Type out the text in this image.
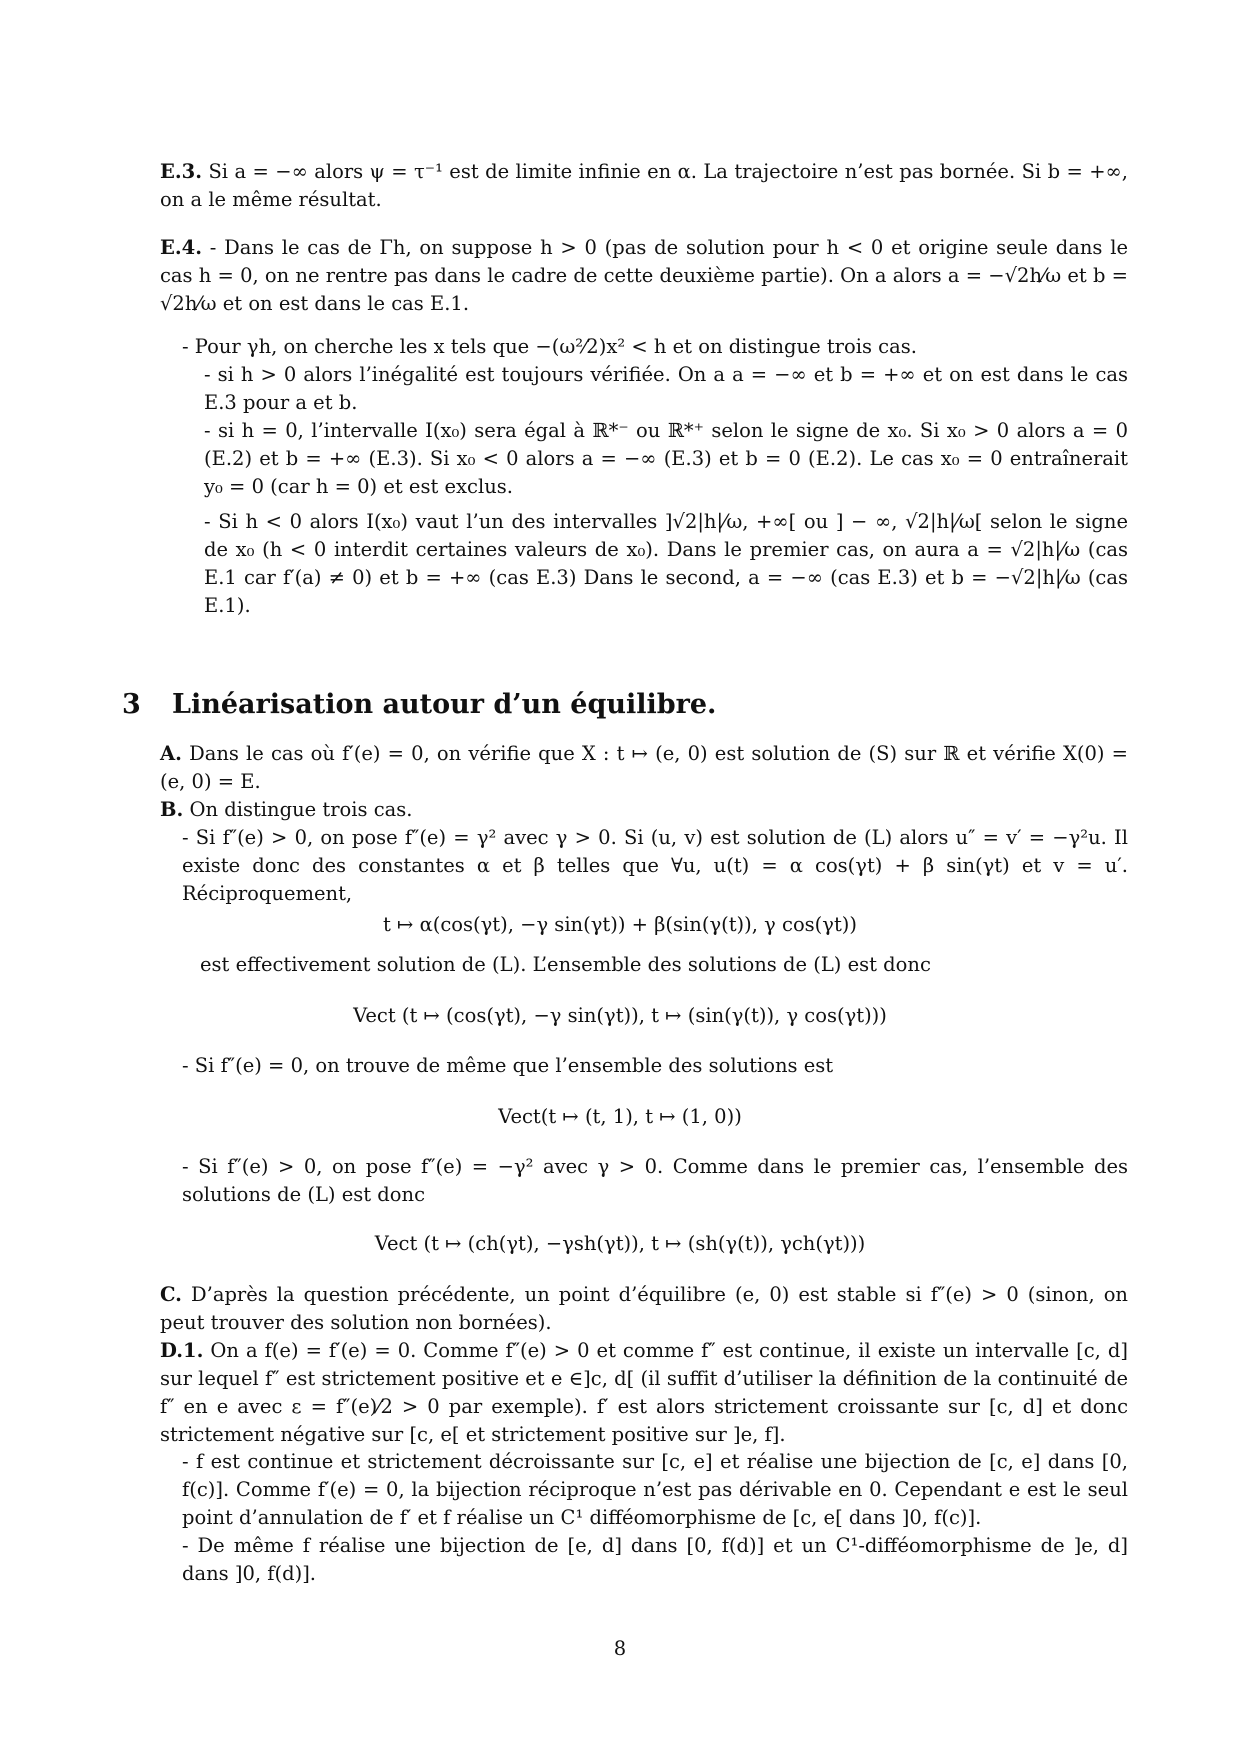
E.3. Si a = −∞ alors ψ = τ⁻¹ est de limite infinie en α. La trajectoire n’est pas bornée. Si b = +∞, on a le même résultat.
E.4. - Dans le cas de Γh, on suppose h > 0 (pas de solution pour h < 0 et origine seule dans le cas h = 0, on ne rentre pas dans le cadre de cette deuxième partie). On a alors a = −√2h⁄ω et b = √2h⁄ω et on est dans le cas E.1.
- Pour γh, on cherche les x tels que −(ω²⁄2)x² < h et on distingue trois cas.
- si h > 0 alors l’inégalité est toujours vérifiée. On a a = −∞ et b = +∞ et on est dans le cas E.3 pour a et b.
- si h = 0, l’intervalle I(x₀) sera égal à ℝ*⁻ ou ℝ*⁺ selon le signe de x₀. Si x₀ > 0 alors a = 0 (E.2) et b = +∞ (E.3). Si x₀ < 0 alors a = −∞ (E.3) et b = 0 (E.2). Le cas x₀ = 0 entraînerait y₀ = 0 (car h = 0) et est exclus.
- Si h < 0 alors I(x₀) vaut l’un des intervalles ]√2|h|⁄ω, +∞[ ou ] − ∞, √2|h|⁄ω[ selon le signe de x₀ (h < 0 interdit certaines valeurs de x₀). Dans le premier cas, on aura a = √2|h|⁄ω (cas E.1 car f′(a) ≠ 0) et b = +∞ (cas E.3) Dans le second, a = −∞ (cas E.3) et b = −√2|h|⁄ω (cas E.1).
3 Linéarisation autour d’un équilibre.
A. Dans le cas où f′(e) = 0, on vérifie que X : t ↦ (e, 0) est solution de (S) sur ℝ et vérifie X(0) = (e, 0) = E.
B. On distingue trois cas.
- Si f″(e) > 0, on pose f″(e) = γ² avec γ > 0. Si (u, v) est solution de (L) alors u″ = v′ = −γ²u. Il existe donc des constantes α et β telles que ∀u, u(t) = α cos(γt) + β sin(γt) et v = u′. Réciproquement,
t ↦ α(cos(γt), −γ sin(γt)) + β(sin(γ(t)), γ cos(γt))
est effectivement solution de (L). L’ensemble des solutions de (L) est donc
Vect (t ↦ (cos(γt), −γ sin(γt)), t ↦ (sin(γ(t)), γ cos(γt)))
- Si f″(e) = 0, on trouve de même que l’ensemble des solutions est
Vect(t ↦ (t, 1), t ↦ (1, 0))
- Si f″(e) > 0, on pose f″(e) = −γ² avec γ > 0. Comme dans le premier cas, l’ensemble des solutions de (L) est donc
Vect (t ↦ (ch(γt), −γsh(γt)), t ↦ (sh(γ(t)), γch(γt)))
C. D’après la question précédente, un point d’équilibre (e, 0) est stable si f″(e) > 0 (sinon, on peut trouver des solution non bornées).
D.1. On a f(e) = f′(e) = 0. Comme f″(e) > 0 et comme f″ est continue, il existe un intervalle [c, d] sur lequel f″ est strictement positive et e ∈]c, d[ (il suffit d’utiliser la définition de la continuité de f″ en e avec ε = f″(e)⁄2 > 0 par exemple). f′ est alors strictement croissante sur [c, d] et donc strictement négative sur [c, e[ et strictement positive sur ]e, f].
- f est continue et strictement décroissante sur [c, e] et réalise une bijection de [c, e] dans [0, f(c)]. Comme f′(e) = 0, la bijection réciproque n’est pas dérivable en 0. Cependant e est le seul point d’annulation de f′ et f réalise un C¹ difféomorphisme de [c, e[ dans ]0, f(c)].
- De même f réalise une bijection de [e, d] dans [0, f(d)] et un C¹-difféomorphisme de ]e, d] dans ]0, f(d)].
8
